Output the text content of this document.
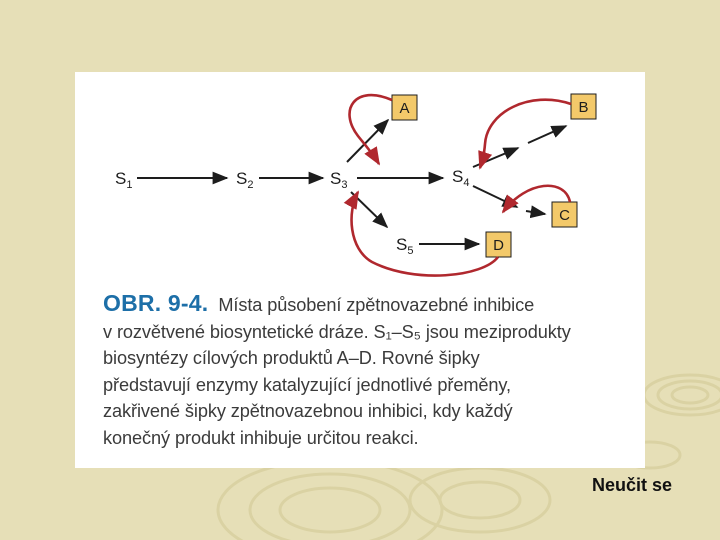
$S_1$	$S_2$	$S_3$	$S_4$
$S_5$
A	B
C
D
OBR. 9-4. Místa působení zpětnovazebné inhibice
v rozvětvené biosyntetické dráze. S₁–S₅ jsou meziprodukty
biosyntézy cílových produktů A–D. Rovné šipky
představují enzymy katalyzující jednotlivé přeměny,
zakřivené šipky zpětnovazebnou inhibici, kdy každý
konečný produkt inhibuje určitou reakci.
Neučit se
